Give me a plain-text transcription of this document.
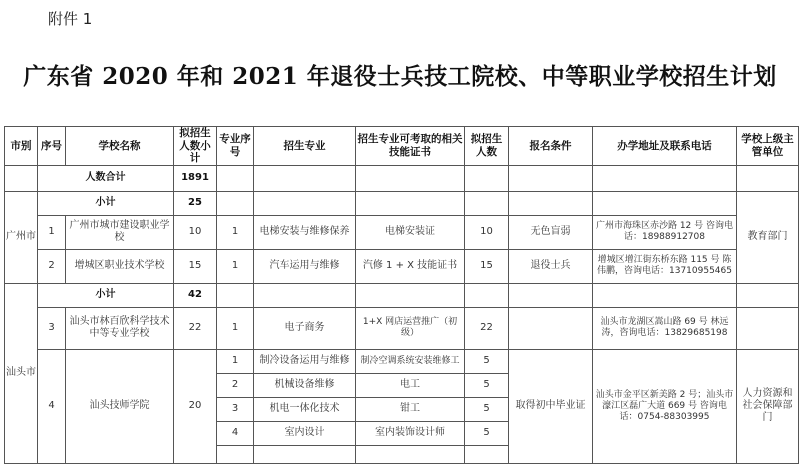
附件 1
广东省 2020 年和 2021 年退役士兵技工院校、中等职业学校招生计划
市别	序号	学校名称	拟招生人数小计	专业序号	招生专业	招生专业可考取的相关技能证书	拟招生人数	报名条件	办学地址及联系电话	学校上级主管单位
	人数合计		1891							
广州市	小计		25							教育部门
	1	广州市城市建设职业学校	10	1	电梯安装与维修保养	电梯安装证	10	无色盲弱	广州市海珠区赤沙路 12 号 咨询电话：18988912708	
	2	增城区职业技术学校	15	1	汽车运用与维修	汽修 1 + X 技能证书	15	退役士兵	增城区增江街东桥东路 115 号 陈伟鹏，咨询电话：13710955465	
汕头市	小计		42							
	3	汕头市林百欣科学技术中等专业学校	22	1	电子商务	1+X 网店运营推广（初级）	22		汕头市龙湖区嵩山路 69 号 林远涛，咨询电话：13829685198	
	4	汕头技师学院	20	1	制冷设备运用与维修	制冷空调系统安装维修工	5	取得初中毕业证	汕头市金平区新美路 2 号；汕头市濠江区磊广大道 669 号 咨询电话：0754-88303995	人力资源和社会保障部门
				2	机械设备维修	电工	5			
				3	机电一体化技术	钳工	5			
				4	室内设计	室内装饰设计师	5			
